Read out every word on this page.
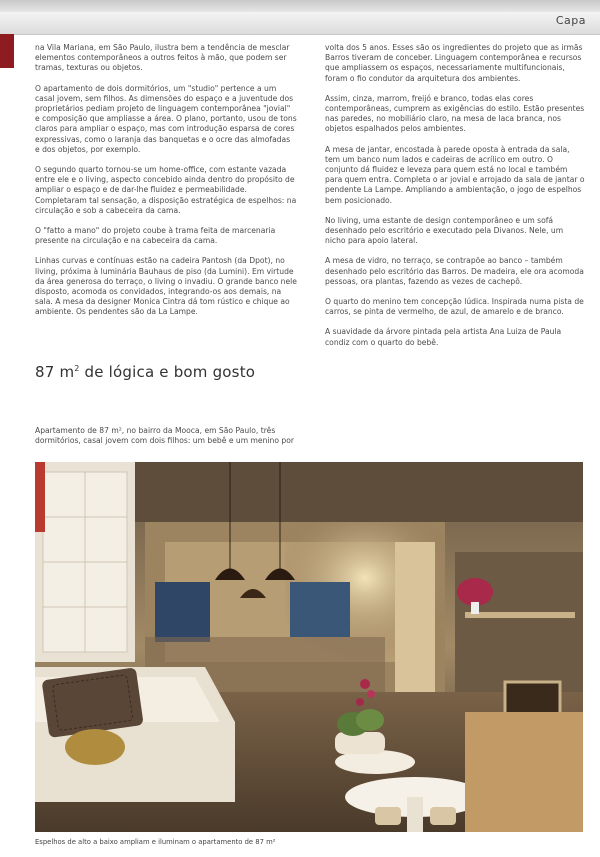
Capa

na Vila Mariana, em São Paulo, ilustra bem a tendência de mesclar elementos contemporâneos a outros feitos à mão, que podem ser tramas, texturas ou objetos.

O apartamento de dois dormitórios, um "studio" pertence a um casal jovem, sem filhos. As dimensões do espaço e a juventude dos proprietários pediam projeto de linguagem contemporânea "jovial" e composição que ampliasse a área. O plano, portanto, usou de tons claros para ampliar o espaço, mas com introdução esparsa de cores expressivas, como o laranja das banquetas e o ocre das almofadas e dos objetos, por exemplo.

O segundo quarto tornou-se um home-office, com estante vazada entre ele e o living, aspecto concebido ainda dentro do propósito de ampliar o espaço e de dar-lhe fluidez e permeabilidade. Completaram tal sensação, a disposição estratégica de espelhos: na circulação e sob a cabeceira da cama.

O "fatto a mano" do projeto coube à trama feita de marcenaria presente na circulação e na cabeceira da cama.

Linhas curvas e contínuas estão na cadeira Pantosh (da Dpot), no living, próxima à luminária Bauhaus de piso (da Lumini). Em virtude da área generosa do terraço, o living o invadiu. O grande banco nele disposto, acomoda os convidados, integrando-os aos demais, na sala. A mesa da designer Monica Cintra dá tom rústico e chique ao ambiente. Os pendentes são da La Lampe.

87 $m^2$ de lógica e bom gosto
Apartamento de 87 m², no bairro da Mooca, em São Paulo, três dormitórios, casal jovem com dois filhos: um bebê e um menino por

volta dos 5 anos. Esses são os ingredientes do projeto que as irmãs Barros tiveram de conceber. Linguagem contemporânea e recursos que ampliassem os espaços, necessariamente multifuncionais, foram o fio condutor da arquitetura dos ambientes.

Assim, cinza, marrom, freijó e branco, todas elas cores contemporâneas, cumprem as exigências do estilo. Estão presentes nas paredes, no mobiliário claro, na mesa de laca branca, nos objetos espalhados pelos ambientes.

A mesa de jantar, encostada à parede oposta à entrada da sala, tem um banco num lados e cadeiras de acrílico em outro. O conjunto dá fluidez e leveza para quem está no local e também para quem entra. Completa o ar jovial e arrojado da sala de jantar o pendente La Lampe. Ampliando a ambientação, o jogo de espelhos bem posicionado.

No living, uma estante de design contemporâneo e um sofá desenhado pelo escritório e executado pela Divanos. Nele, um nicho para apoio lateral.

A mesa de vidro, no terraço, se contrapõe ao banco – também desenhado pelo escritório das Barros. De madeira, ele ora acomoda pessoas, ora plantas, fazendo as vezes de cachepô.

O quarto do menino tem concepção lúdica. Inspirada numa pista de carros, se pinta de vermelho, de azul, de amarelo e de branco.

A suavidade da árvore pintada pela artista Ana Luiza de Paula condiz com o quarto do bebê.

Espelhos de alto a baixo ampliam e iluminam o apartamento de 87 m²
